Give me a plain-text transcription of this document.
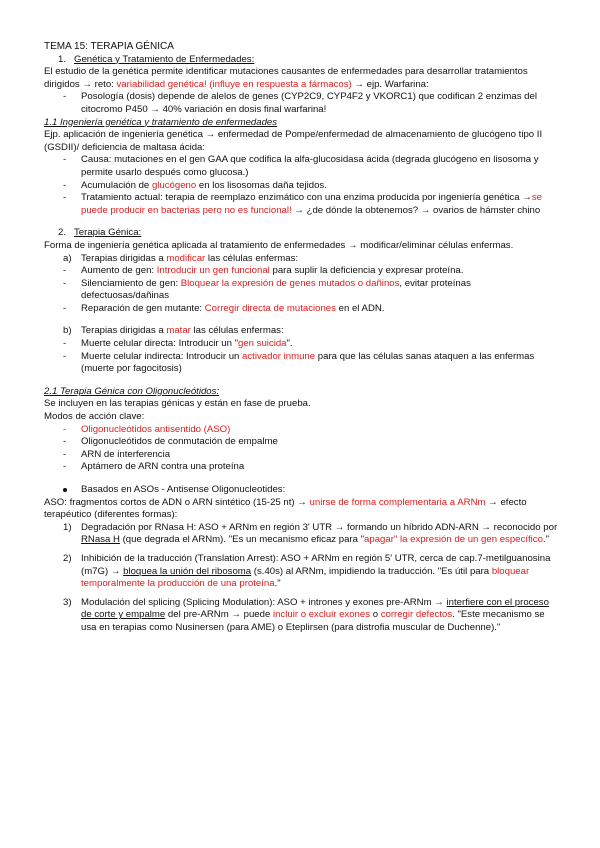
TEMA 15: TERAPIA GÉNICA

1. Genética y Tratamiento de Enfermedades:

El estudio de la genética permite identificar mutaciones causantes de enfermedades para desarrollar tratamientos dirigidos → reto: variabilidad genética! (influye en respuesta a fármacos) → ejp. Warfarina:

- Posología (dosis) depende de alelos de genes (CYP2C9, CYP4F2 y VKORC1) que codifican 2 enzimas del citocromo P450 → 40% variación en dosis final warfarina!

1.1 Ingeniería genética y tratamiento de enfermedades

Ejp. aplicación de ingeniería genética → enfermedad de Pompe/enfermedad de almacenamiento de glucógeno tipo II (GSDII)/ deficiencia de maltasa ácida:

- Causa: mutaciones en el gen GAA que codifica la alfa-glucosidasa ácida (degrada glucógeno en lisosoma y permite usarlo después como glucosa.)
- Acumulación de glucógeno en los lisosomas daña tejidos.
- Tratamiento actual: terapia de reemplazo enzimático con una enzima producida por ingeniería genética →se puede producir en bacterias pero no es funcional! → ¿de dónde la obtenemos? → ovarios de hámster chino

2. Terapia Génica:

Forma de ingeniería genética aplicada al tratamiento de enfermedades → modificar/eliminar células enfermas.

a) Terapias dirigidas a modificar las células enfermas:
- Aumento de gen: Introducir un gen funcional para suplir la deficiencia y expresar proteína.
- Silenciamiento de gen: Bloquear la expresión de genes mutados o dañinos, evitar proteínas defectuosas/dañinas
- Reparación de gen mutante: Corregir directa de mutaciones en el ADN.
b) Terapias dirigidas a matar las células enfermas:
- Muerte celular directa: Introducir un "gen suicida".
- Muerte celular indirecta: Introducir un activador inmune para que las células sanas ataquen a las enfermas (muerte por fagocitosis)

2.1 Terapia Génica con Oligonucleótidos:

Se incluyen en las terapias génicas y están en fase de prueba.

Modos de acción clave:

- Oligonucleótidos antisentido (ASO)
- Oligonucleótidos de conmutación de empalme
- ARN de interferencia
- Aptámero de ARN contra una proteína
Basados en ASOs - Antisense Oligonucleotides:

ASO: fragmentos cortos de ADN o ARN sintético (15-25 nt) → unirse de forma complementaria a ARNm → efecto terapéutico (diferentes formas):

1) Degradación por RNasa H: ASO + ARNm en región 3' UTR → formando un híbrido ADN-ARN → reconocido por RNasa H (que degrada el ARNm). "Es un mecanismo eficaz para "apagar" la expresión de un gen específico."
2) Inhibición de la traducción (Translation Arrest): ASO + ARNm en región 5' UTR, cerca de cap.7-metilguanosina (m7G) → bloquea la unión del ribosoma (s.40s) al ARNm, impidiendo la traducción. "Es útil para bloquear temporalmente la producción de una proteína."
3) Modulación del splicing (Splicing Modulation): ASO + intrones y exones pre-ARNm → interfiere con el proceso de corte y empalme del pre-ARNm → puede incluir o excluir exones o corregir defectos. "Este mecanismo se usa en terapias como Nusinersen (para AME) o Eteplirsen (para distrofia muscular de Duchenne)."
